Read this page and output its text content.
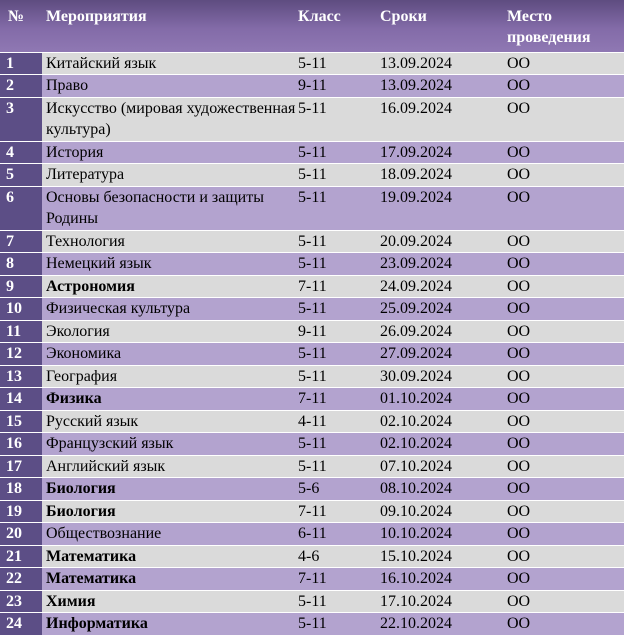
№	Мероприятия	Класс	Сроки	Место проведения
1	Китайский язык	5-11	13.09.2024	ОО
2	Право	9-11	13.09.2024	ОО
3	Искусство (мировая художественная культура)	5-11	16.09.2024	ОО
4	История	5-11	17.09.2024	ОО
5	Литература	5-11	18.09.2024	ОО
6	Основы безопасности и защиты Родины	5-11	19.09.2024	ОО
7	Технология	5-11	20.09.2024	ОО
8	Немецкий язык	5-11	23.09.2024	ОО
9	Астрономия	7-11	24.09.2024	ОО
10	Физическая культура	5-11	25.09.2024	ОО
11	Экология	9-11	26.09.2024	ОО
12	Экономика	5-11	27.09.2024	ОО
13	География	5-11	30.09.2024	ОО
14	Физика	7-11	01.10.2024	ОО
15	Русский язык	4-11	02.10.2024	ОО
16	Французский язык	5-11	02.10.2024	ОО
17	Английский язык	5-11	07.10.2024	ОО
18	Биология	5-6	08.10.2024	ОО
19	Биология	7-11	09.10.2024	ОО
20	Обществознание	6-11	10.10.2024	ОО
21	Математика	4-6	15.10.2024	ОО
22	Математика	7-11	16.10.2024	ОО
23	Химия	5-11	17.10.2024	ОО
24	Информатика	5-11	22.10.2024	ОО
